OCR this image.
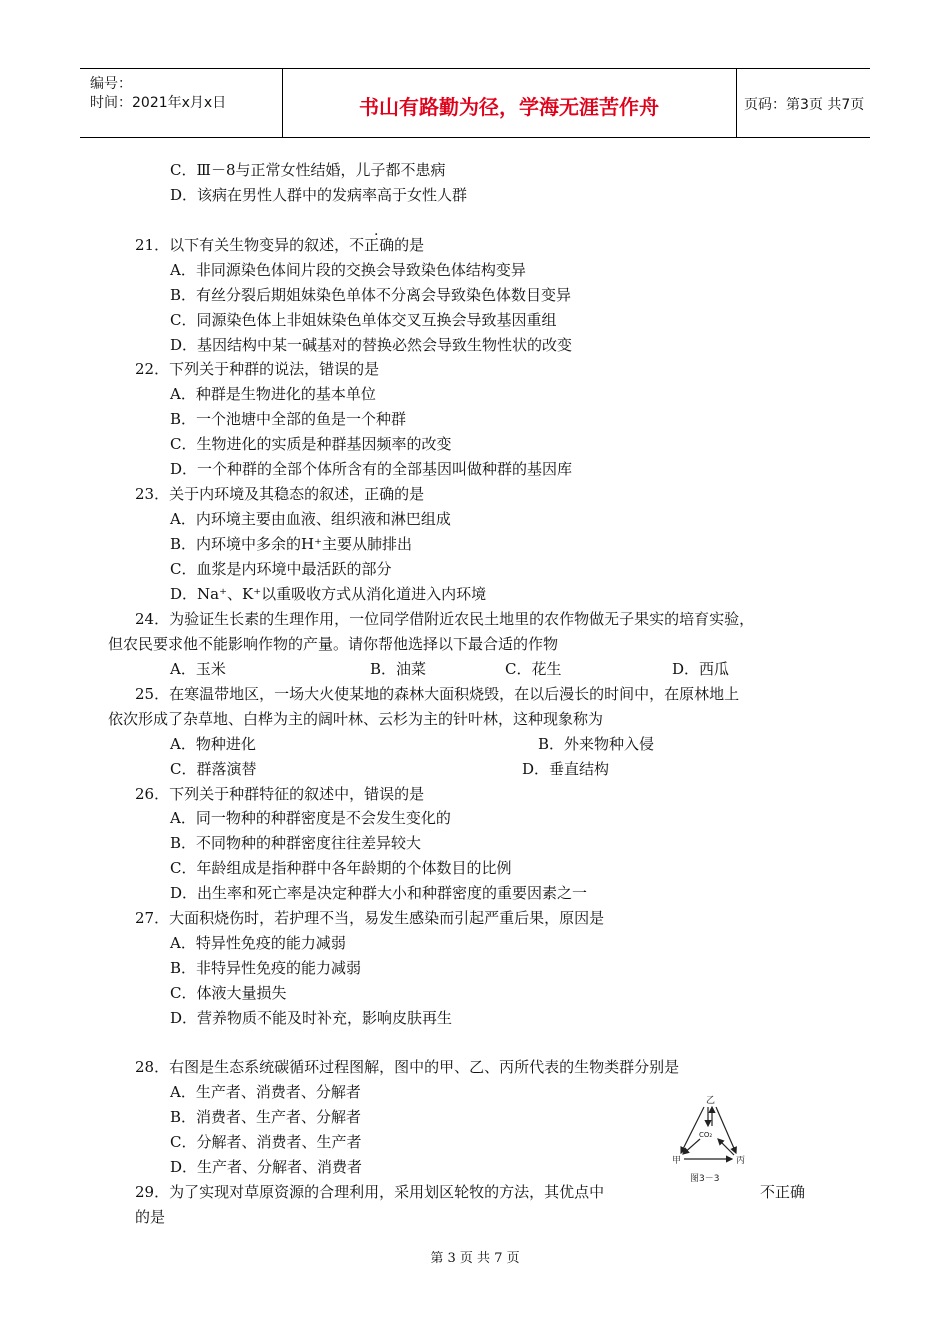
编号：
时间：2021年x月x日	书山有路勤为径，学海无涯苦作舟	页码：第3页 共7页
C．Ⅲ－8与正常女性结婚，儿子都不患病
D．该病在男性人群中的发病率高于女性人群
.
21．以下有关生物变异的叙述，不正确的是
A．非同源染色体间片段的交换会导致染色体结构变异
B．有丝分裂后期姐妹染色单体不分离会导致染色体数目变异
C．同源染色体上非姐妹染色单体交叉互换会导致基因重组
D．基因结构中某一碱基对的替换必然会导致生物性状的改变
22．下列关于种群的说法，错误的是
A．种群是生物进化的基本单位
B．一个池塘中全部的鱼是一个种群
C．生物进化的实质是种群基因频率的改变
D．一个种群的全部个体所含有的全部基因叫做种群的基因库
23．关于内环境及其稳态的叙述，正确的是
A．内环境主要由血液、组织液和淋巴组成
B．内环境中多余的H⁺主要从肺排出
C．血浆是内环境中最活跃的部分
D．Na⁺、K⁺以重吸收方式从消化道进入内环境
24．为验证生长素的生理作用，一位同学借附近农民土地里的农作物做无子果实的培育实验，
但农民要求他不能影响作物的产量。请你帮他选择以下最合适的作物
A．玉米	B．油菜	C．花生	D．西瓜
25．在寒温带地区，一场大火使某地的森林大面积烧毁，在以后漫长的时间中，在原林地上
依次形成了杂草地、白桦为主的阔叶林、云杉为主的针叶林，这种现象称为
A．物种进化	B．外来物种入侵
C．群落演替	D．垂直结构
26．下列关于种群特征的叙述中，错误的是
A．同一物种的种群密度是不会发生变化的
B．不同物种的种群密度往往差异较大
C．年龄组成是指种群中各年龄期的个体数目的比例
D．出生率和死亡率是决定种群大小和种群密度的重要因素之一
27．大面积烧伤时，若护理不当，易发生感染而引起严重后果，原因是
A．特异性免疫的能力减弱
B．非特异性免疫的能力减弱
C．体液大量损失
D．营养物质不能及时补充，影响皮肤再生
28．右图是生态系统碳循环过程图解，图中的甲、乙、丙所代表的生物类群分别是
A．生产者、消费者、分解者
B．消费者、生产者、分解者
C．分解者、消费者、生产者
D．生产者、分解者、消费者
乙
CO₂
甲	丙
图3－3
29．为了实现对草原资源的合理利用，采用划区轮牧的方法，其优点中	不正确
的是
第 3 页 共 7 页
